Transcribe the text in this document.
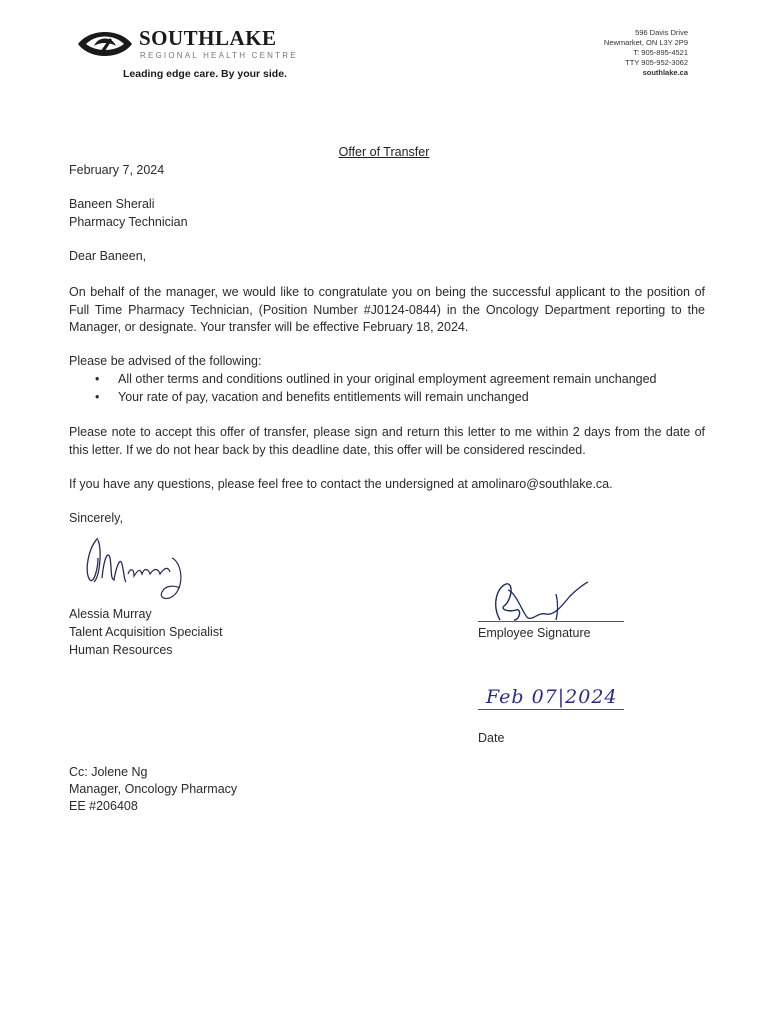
SOUTHLAKE
REGIONAL HEALTH CENTRE
Leading edge care. By your side.
596 Davis Drive
Newmarket, ON L3Y 2P9
T: 905-895-4521
TTY 905-952-3062
southlake.ca
Offer of Transfer
February 7, 2024
Baneen Sherali
Pharmacy Technician
Dear Baneen,
On behalf of the manager, we would like to congratulate you on being the successful applicant to the position of Full Time Pharmacy Technician, (Position Number #J0124-0844) in the Oncology Department reporting to the Manager, or designate. Your transfer will be effective February 18, 2024.
Please be advised of the following:
• All other terms and conditions outlined in your original employment agreement remain unchanged
• Your rate of pay, vacation and benefits entitlements will remain unchanged
Please note to accept this offer of transfer, please sign and return this letter to me within 2 days from the date of this letter. If we do not hear back by this deadline date, this offer will be considered rescinded.
If you have any questions, please feel free to contact the undersigned at amolinaro@southlake.ca.
Sincerely,
Alessia Murray
Talent Acquisition Specialist
Human Resources
Employee Signature
Feb 07|2024
Date
Cc: Jolene Ng
Manager, Oncology Pharmacy
EE #206408
